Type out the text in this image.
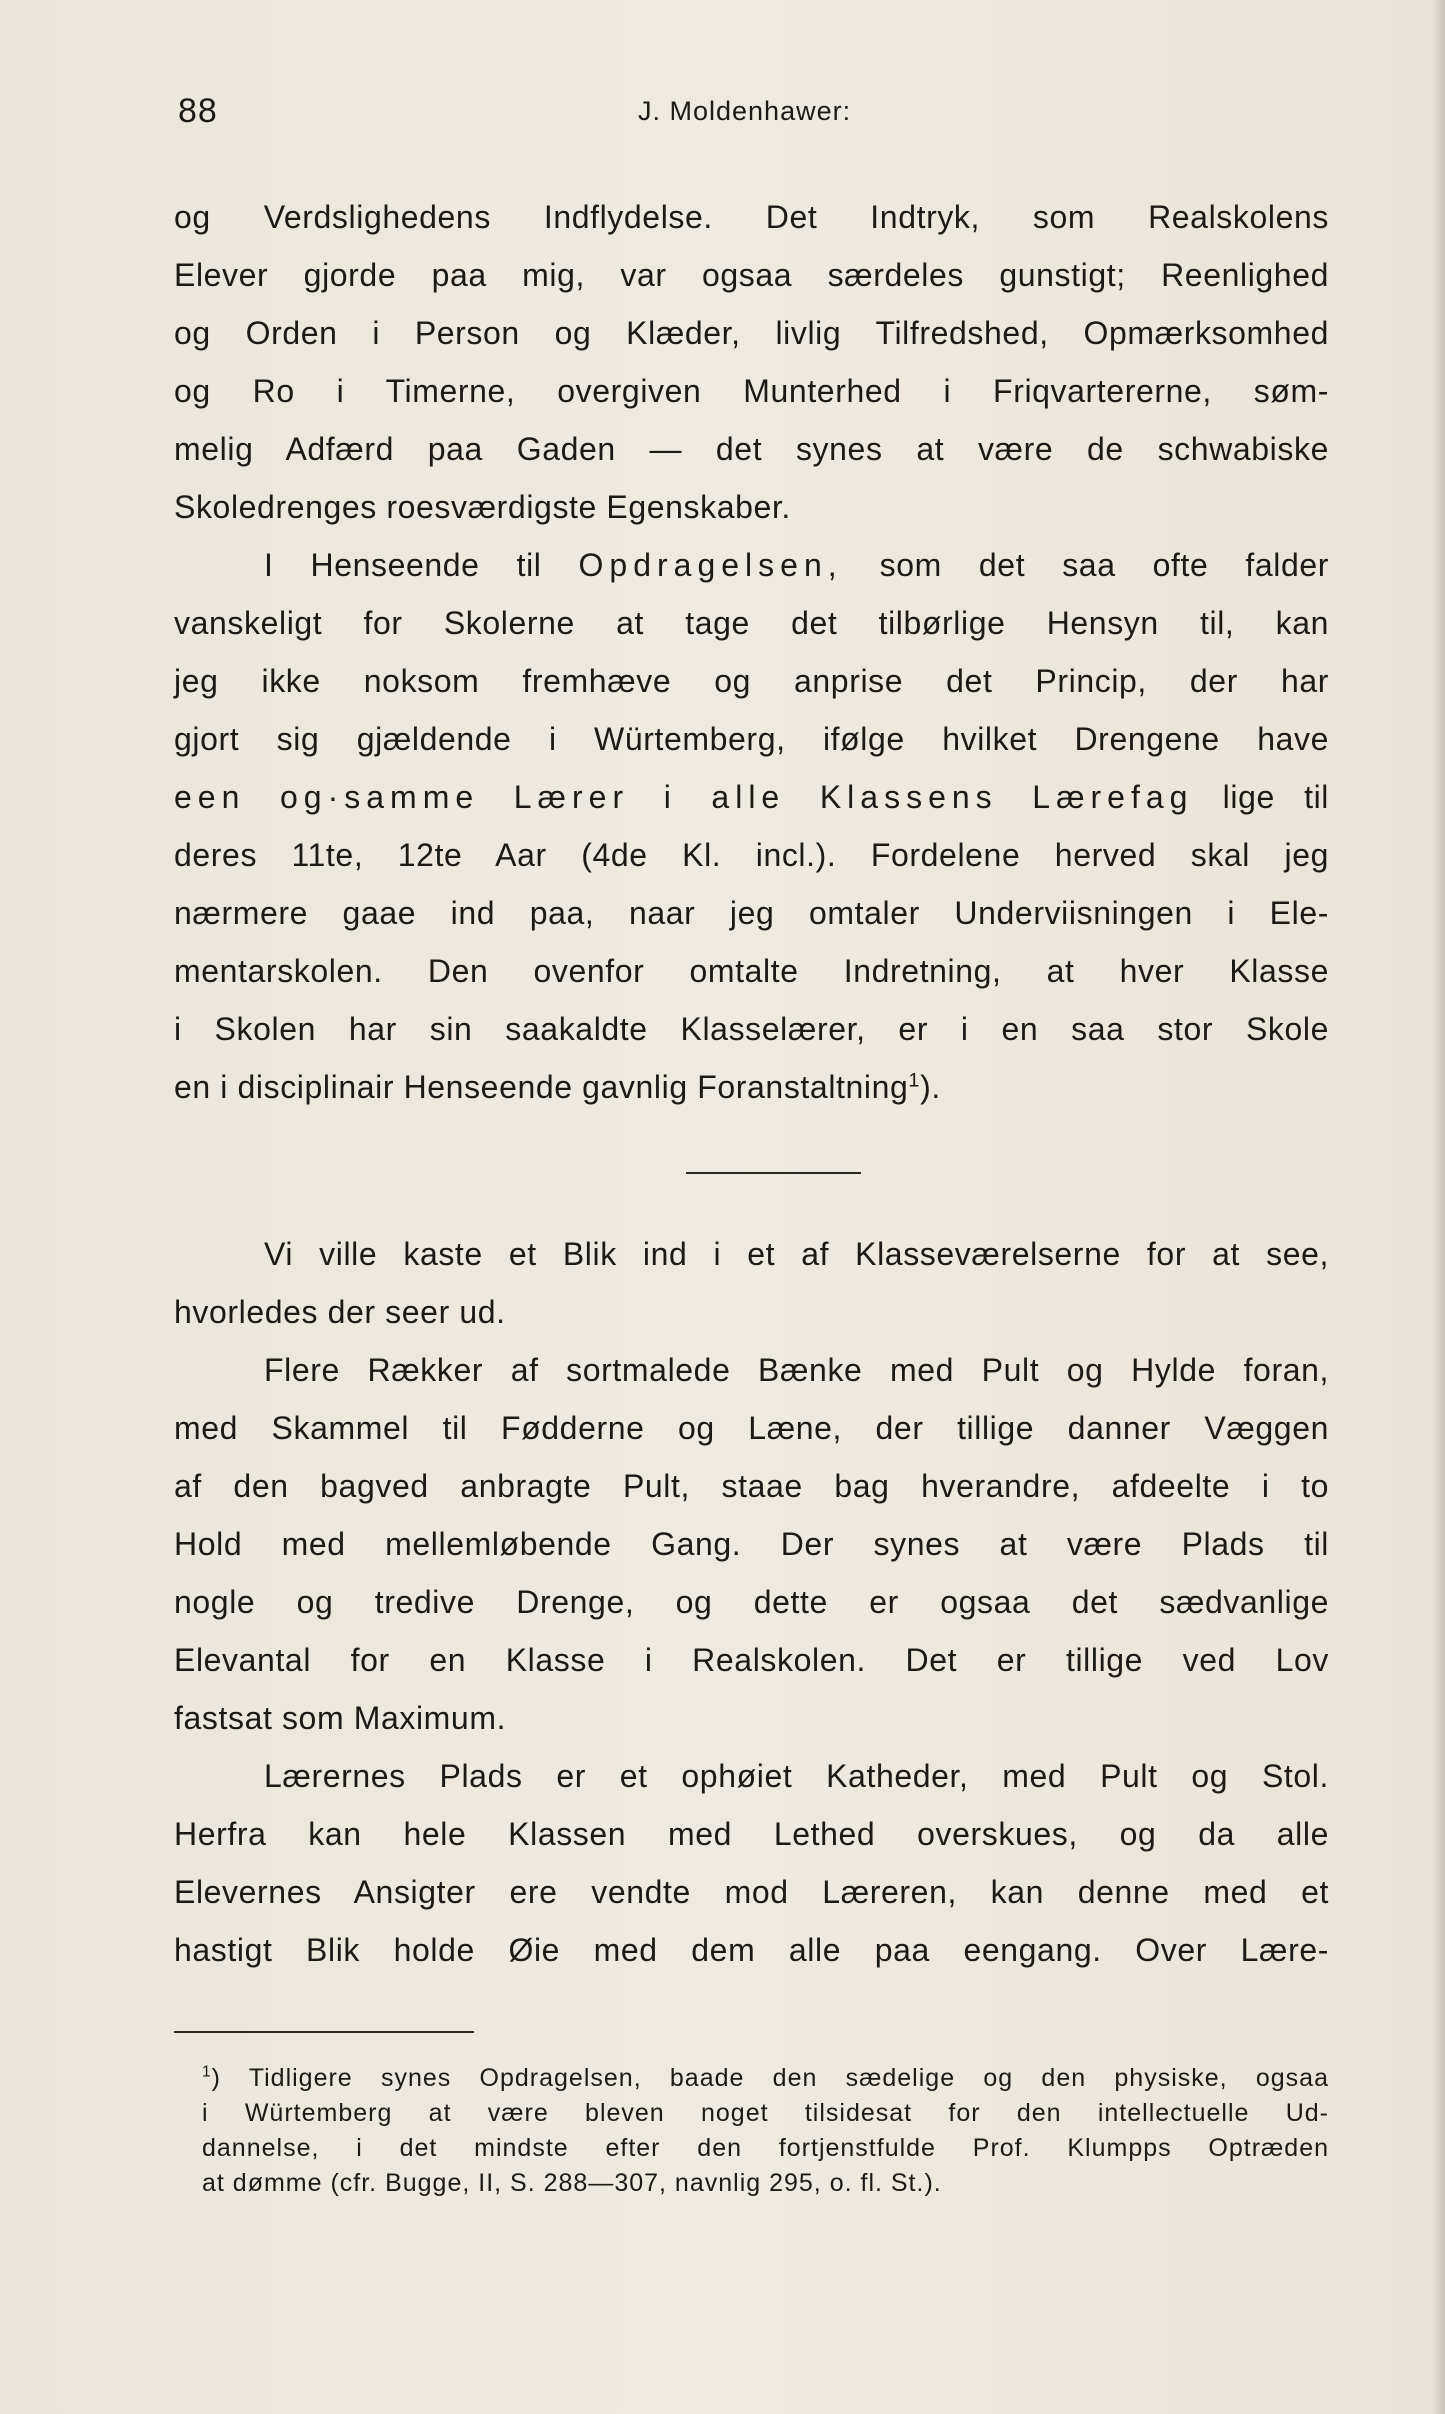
88	J. Moldenhawer:
og Verdslighedens Indflydelse. Det Indtryk, som Realskolens
Elever gjorde paa mig, var ogsaa særdeles gunstigt; Reenlighed
og Orden i Person og Klæder, livlig Tilfredshed, Opmærksomhed
og Ro i Timerne, overgiven Munterhed i Friqvartererne, søm-
melig Adfærd paa Gaden — det synes at være de schwabiske
Skoledrenges roesværdigste Egenskaber.
I Henseende til Opdragelsen, som det saa ofte falder
vanskeligt for Skolerne at tage det tilbørlige Hensyn til, kan
jeg ikke noksom fremhæve og anprise det Princip, der har
gjort sig gjældende i Würtemberg, ifølge hvilket Drengene have
een og·samme Lærer i alle Klassens Lærefag lige til
deres 11te, 12te Aar (4de Kl. incl.). Fordelene herved skal jeg
nærmere gaae ind paa, naar jeg omtaler Underviisningen i Ele-
mentarskolen. Den ovenfor omtalte Indretning, at hver Klasse
i Skolen har sin saakaldte Klasselærer, er i en saa stor Skole
en i disciplinair Henseende gavnlig Foranstaltning$^1$).
Vi ville kaste et Blik ind i et af Klasseværelserne for at see,
hvorledes der seer ud.
Flere Rækker af sortmalede Bænke med Pult og Hylde foran,
med Skammel til Fødderne og Læne, der tillige danner Væggen
af den bagved anbragte Pult, staae bag hverandre, afdeelte i to
Hold med mellemløbende Gang. Der synes at være Plads til
nogle og tredive Drenge, og dette er ogsaa det sædvanlige
Elevantal for en Klasse i Realskolen. Det er tillige ved Lov
fastsat som Maximum.
Lærernes Plads er et ophøiet Katheder, med Pult og Stol.
Herfra kan hele Klassen med Lethed overskues, og da alle
Elevernes Ansigter ere vendte mod Læreren, kan denne med et
hastigt Blik holde Øie med dem alle paa eengang. Over Lære-
$^1$) Tidligere synes Opdragelsen, baade den sædelige og den physiske, ogsaa
i Würtemberg at være bleven noget tilsidesat for den intellectuelle Ud-
dannelse, i det mindste efter den fortjenstfulde Prof. Klumpps Optræden
at dømme (cfr. Bugge, II, S. 288—307, navnlig 295, o. fl. St.).
